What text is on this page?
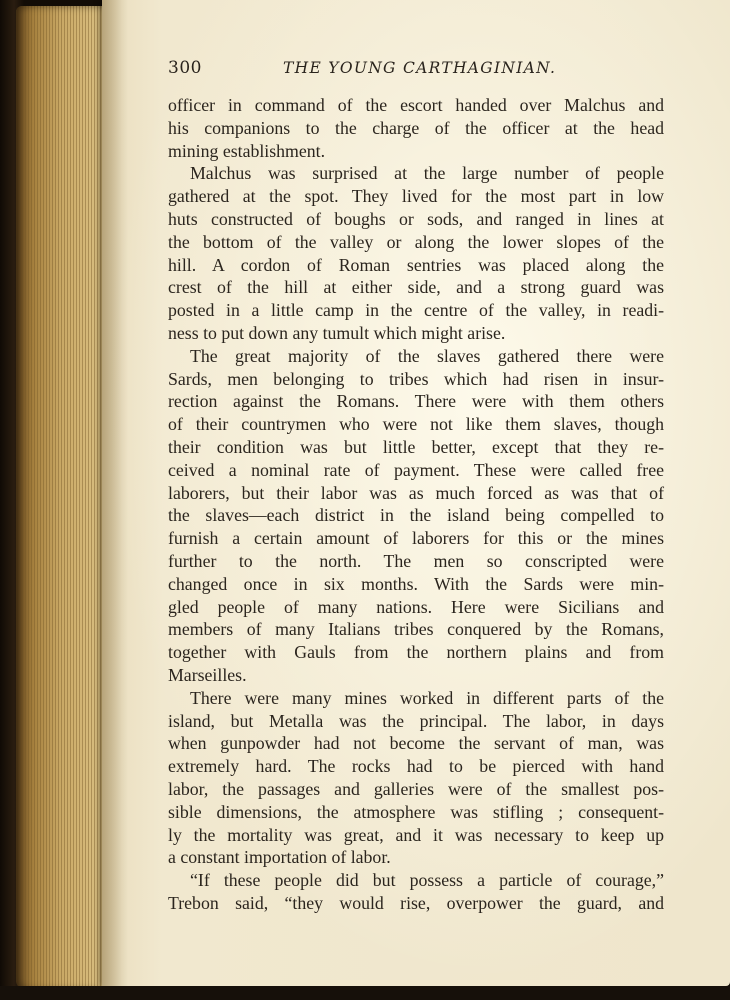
300	THE YOUNG CARTHAGINIAN.
officer in command of the escort handed over Malchus and
his companions to the charge of the officer at the head
mining establishment.
Malchus was surprised at the large number of people
gathered at the spot. They lived for the most part in low
huts constructed of boughs or sods, and ranged in lines at
the bottom of the valley or along the lower slopes of the
hill. A cordon of Roman sentries was placed along the
crest of the hill at either side, and a strong guard was
posted in a little camp in the centre of the valley, in readi-
ness to put down any tumult which might arise.
The great majority of the slaves gathered there were
Sards, men belonging to tribes which had risen in insur-
rection against the Romans. There were with them others
of their countrymen who were not like them slaves, though
their condition was but little better, except that they re-
ceived a nominal rate of payment. These were called free
laborers, but their labor was as much forced as was that of
the slaves—each district in the island being compelled to
furnish a certain amount of laborers for this or the mines
further to the north. The men so conscripted were
changed once in six months. With the Sards were min-
gled people of many nations. Here were Sicilians and
members of many Italians tribes conquered by the Romans,
together with Gauls from the northern plains and from
Marseilles.
There were many mines worked in different parts of the
island, but Metalla was the principal. The labor, in days
when gunpowder had not become the servant of man, was
extremely hard. The rocks had to be pierced with hand
labor, the passages and galleries were of the smallest pos-
sible dimensions, the atmosphere was stifling ; consequent-
ly the mortality was great, and it was necessary to keep up
a constant importation of labor.
“If these people did but possess a particle of courage,”
Trebon said, “they would rise, overpower the guard, and
